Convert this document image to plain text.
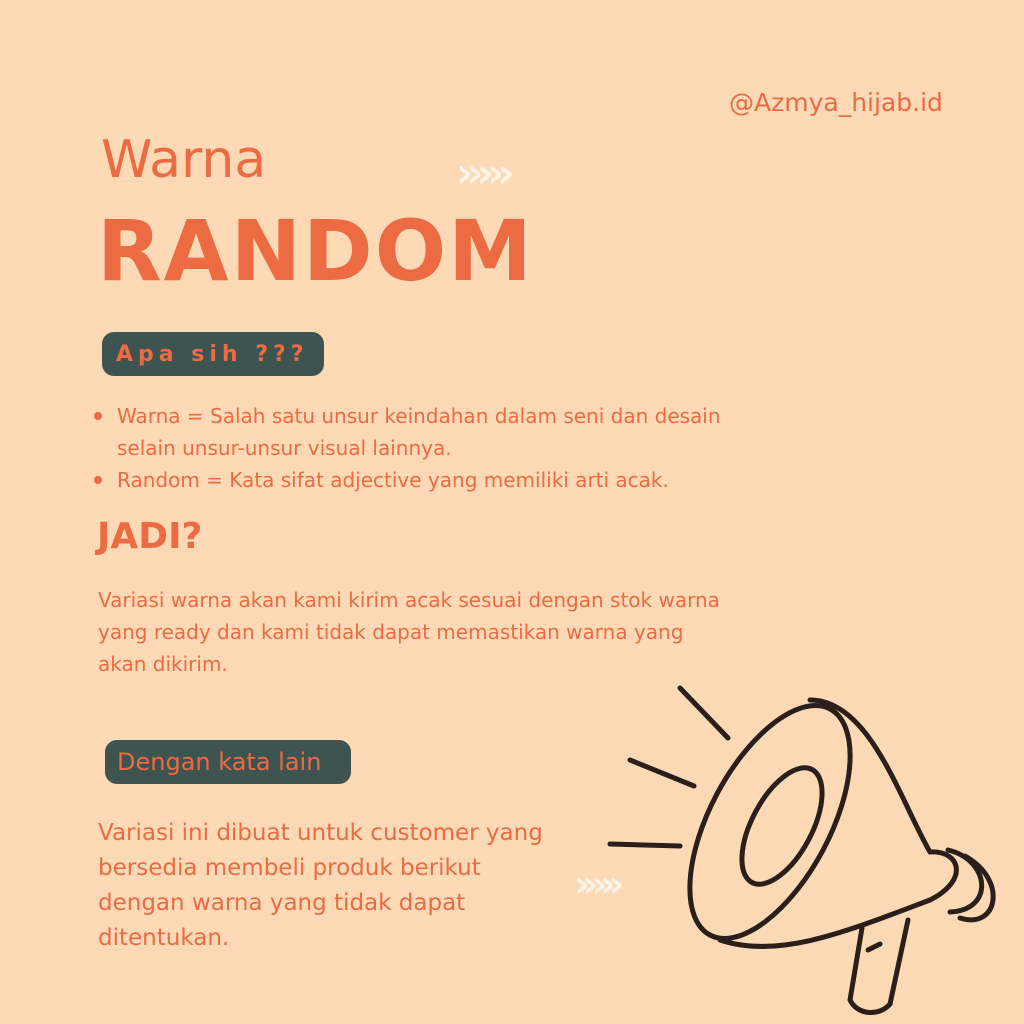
@Azmya_hijab.id
Warna
RANDOM
›››››
Apa sih ???
Warna = Salah satu unsur keindahan dalam seni dan desain selain unsur-unsur visual lainnya.
Random = Kata sifat adjective yang memiliki arti acak.
JADI?
Variasi warna akan kami kirim acak sesuai dengan stok warna yang ready dan kami tidak dapat memastikan warna yang akan dikirim.
Dengan kata lain
Variasi ini dibuat untuk customer yang bersedia membeli produk berikut dengan warna yang tidak dapat ditentukan.
›››››
